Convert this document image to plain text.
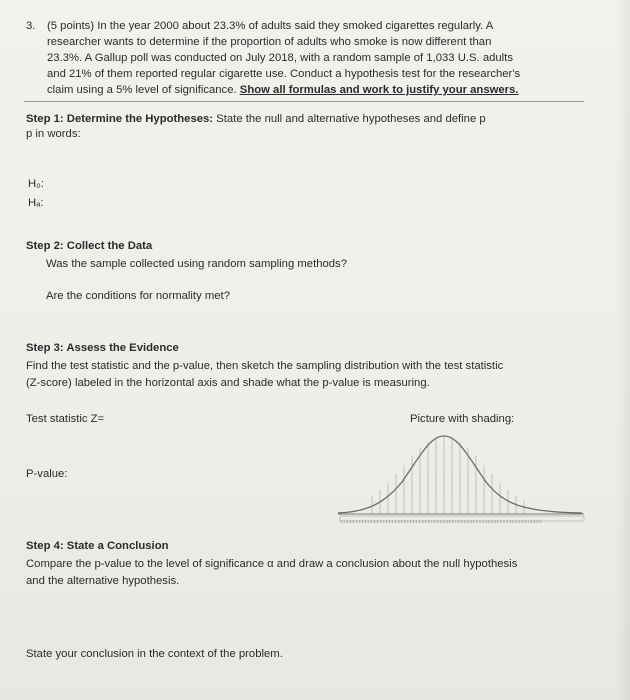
3. (5 points) In the year 2000 about 23.3% of adults said they smoked cigarettes regularly. A
researcher wants to determine if the proportion of adults who smoke is now different than
23.3%. A Gallup poll was conducted on July 2018, with a random sample of 1,033 U.S. adults
and 21% of them reported regular cigarette use. Conduct a hypothesis test for the researcher's
claim using a 5% level of significance. Show all formulas and work to justify your answers.
Step 1: Determine the Hypotheses: State the null and alternative hypotheses and define p
p in words:
H₀:
Hₐ:
Step 2: Collect the Data
Was the sample collected using random sampling methods?
Are the conditions for normality met?
Step 3: Assess the Evidence
Find the test statistic and the p-value, then sketch the sampling distribution with the test statistic
(Z-score) labeled in the horizontal axis and shade what the p-value is measuring.
Test statistic Z=	Picture with shading:
P-value:
ııııııııııııııııııııııııııııııııııııııııııııııııııııııııııııııııııı
Step 4: State a Conclusion
Compare the p-value to the level of significance α and draw a conclusion about the null hypothesis
and the alternative hypothesis.
State your conclusion in the context of the problem.
